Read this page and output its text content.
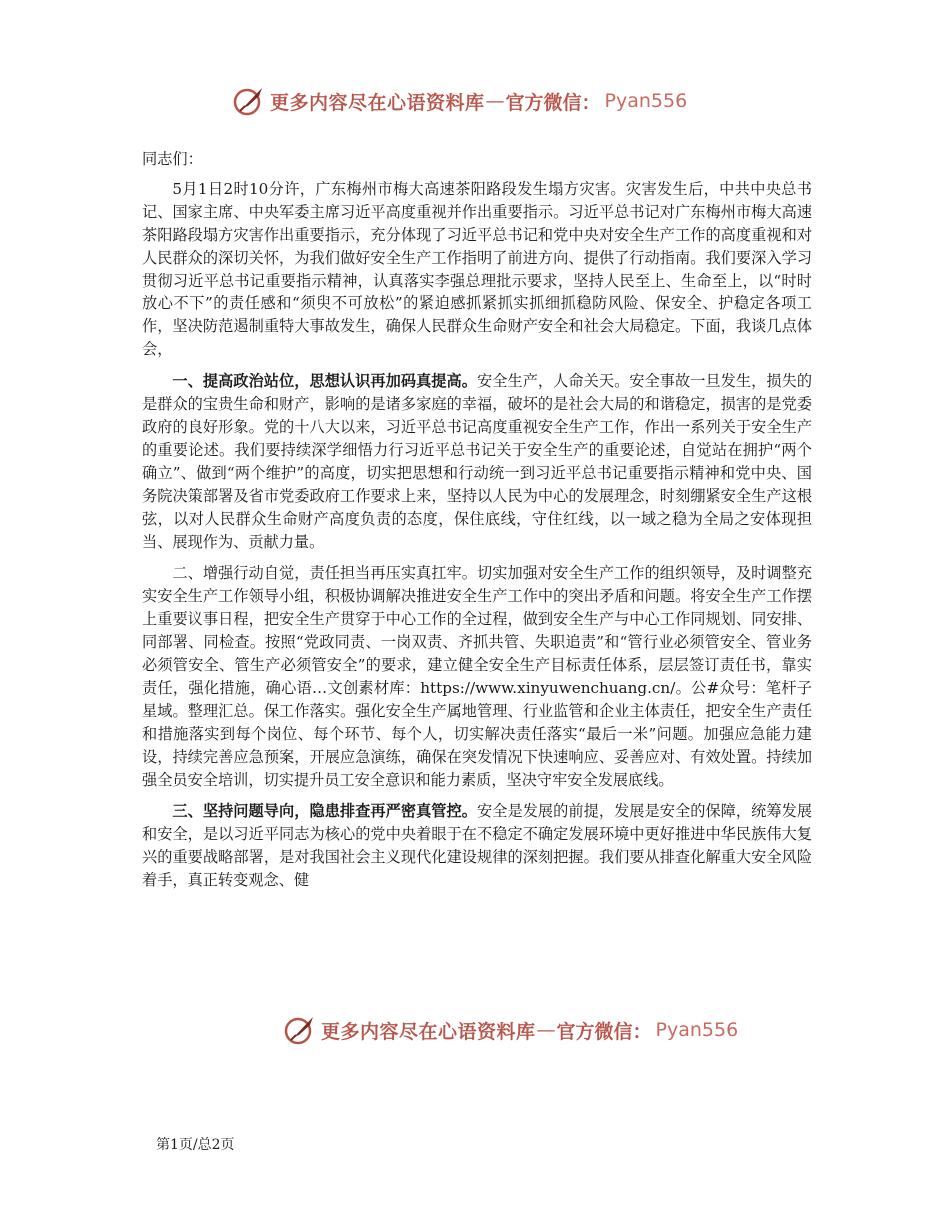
更多内容尽在心语资料库 — 官方微信： Pyan556
同志们：

5月1日2时10分许，广东梅州市梅大高速茶阳路段发生塌方灾害。灾害发生后，中共中央总书记、国家主席、中央军委主席习近平高度重视并作出重要指示。习近平总书记对广东梅州市梅大高速茶阳路段塌方灾害作出重要指示，充分体现了习近平总书记和党中央对安全生产工作的高度重视和对人民群众的深切关怀，为我们做好安全生产工作指明了前进方向、提供了行动指南。我们要深入学习贯彻习近平总书记重要指示精神，认真落实李强总理批示要求，坚持人民至上、生命至上，以“时时放心不下”的责任感和“须臾不可放松”的紧迫感抓紧抓实抓细抓稳防风险、保安全、护稳定各项工作，坚决防范遏制重特大事故发生，确保人民群众生命财产安全和社会大局稳定。下面，我谈几点体会，

一、提高政治站位，思想认识再加码真提高。安全生产，人命关天。安全事故一旦发生，损失的是群众的宝贵生命和财产，影响的是诸多家庭的幸福，破坏的是社会大局的和谐稳定，损害的是党委政府的良好形象。党的十八大以来，习近平总书记高度重视安全生产工作，作出一系列关于安全生产的重要论述。我们要持续深学细悟力行习近平总书记关于安全生产的重要论述，自觉站在拥护“两个确立”、做到“两个维护”的高度，切实把思想和行动统一到习近平总书记重要指示精神和党中央、国务院决策部署及省市党委政府工作要求上来，坚持以人民为中心的发展理念，时刻绷紧安全生产这根弦，以对人民群众生命财产高度负责的态度，保住底线，守住红线，以一域之稳为全局之安体现担当、展现作为、贡献力量。

二、增强行动自觉，责任担当再压实真扛牢。切实加强对安全生产工作的组织领导，及时调整充实安全生产工作领导小组，积极协调解决推进安全生产工作中的突出矛盾和问题。将安全生产工作摆上重要议事日程，把安全生产贯穿于中心工作的全过程，做到安全生产与中心工作同规划、同安排、同部署、同检查。按照“党政同责、一岗双责、齐抓共管、失职追责”和“管行业必须管安全、管业务必须管安全、管生产必须管安全”的要求，建立健全安全生产目标责任体系，层层签订责任书，靠实责任，强化措施，确心语…文创素材库：https://www.xinyuwenchuang.cn/。公#众号：笔杆子星域。整理汇总。保工作落实。强化安全生产属地管理、行业监管和企业主体责任，把安全生产责任和措施落实到每个岗位、每个环节、每个人，切实解决责任落实“最后一米”问题。加强应急能力建设，持续完善应急预案，开展应急演练，确保在突发情况下快速响应、妥善应对、有效处置。持续加强全员安全培训，切实提升员工安全意识和能力素质，坚决守牢安全发展底线。

三、坚持问题导向，隐患排查再严密真管控。安全是发展的前提，发展是安全的保障，统筹发展和安全，是以习近平同志为核心的党中央着眼于在不稳定不确定发展环境中更好推进中华民族伟大复兴的重要战略部署，是对我国社会主义现代化建设规律的深刻把握。我们要从排查化解重大安全风险着手，真正转变观念、健

更多内容尽在心语资料库 — 官方微信： Pyan556
第1页/总2页
